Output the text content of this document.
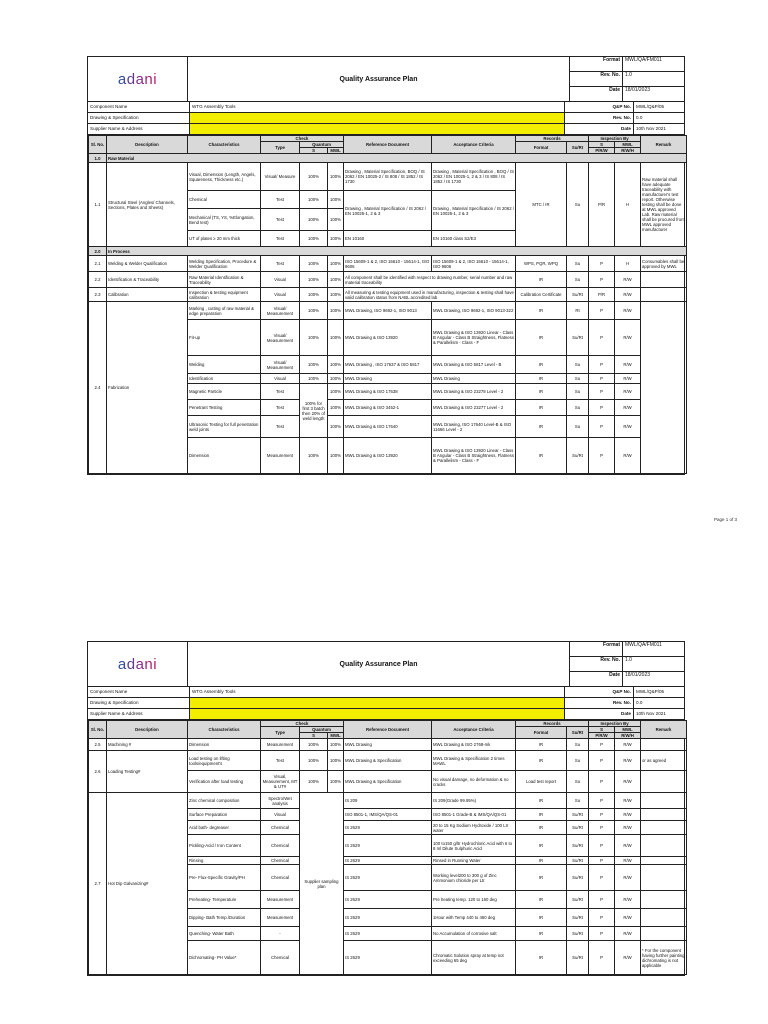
adani	Quality Assurance Plan
Format	MWL/QA/FM011
Rev. No.	1.0
Date	18/01/2023
Component Name	WTG Assembly Tools	Q&P No.	MWL/Q&P/05
Drawing & Specification	Rev. No.	0.0
Supplier Name & Address	Date	10th Nov 2021
Sl. No.	Description	Characteristics	Check			Reference Document	Acceptance Criteria	Records		Inspection By		Remark
			Type	Quantum				Format	Su/Rt	S	MWL	
				S	MWL					P/R/W	R/W/H	
1.0	Raw Material											
1.1	Structural Steel (Angles/ Channels, Sections, Plates and Sheets)	Visual, Dimension (Length, Angels, Squareness, Thickness etc.)	Visual/ Measure	100%	100%	Drawing , Material Specification, BOQ / IS 2062 / EN 10025-2 / IS 808 / IS 1852 / IS 1730	Drawing , Material Specification , BOQ / IS 2062 / EN 10025-1, 2 & 3 / IS 808 / IS 1852 / IS 1730	MTC / IR	Su	P/R	H	Raw material shall have adequate traceability with manufacturer's test report. Otherwise testing shall be done at MWL approved Lab. Raw material shall be procured from MWL approved manufacturer
		Chemical	Test	100%	100%	Drawing , Material Specification / IS 2062 / EN 10025-1, 2 & 3	Drawing , Material Specification / IS 2062 / EN 10025-1, 2 & 3					
		Mechanical (TS, YS, %Elongation, Bend test)	Test	100%	100%							
		UT of plates ≥ 20 mm thick	Test	100%	100%	EN 10160	EN 10160 class S2/E3					
2.0	In Process											
2.1	Welding & Welder Qualification	Welding Specification, Procedure & Welder Qualification	Test	100%	100%	ISO 15609-1 & 2, ISO 15610 - 15614-1, ISO 9606	ISO 15609-1 & 2, ISO 15610 - 15614-1, ISO 9606	WPS, PQR, WPQ	Su	P	H	Consumables shall be approved by MWL
2.2	Identification & Traceability	Raw Material Identification & Traceability	Visual	100%	100%	All component shall be identified with respect to drawing number, serial number and raw material traceability		IR	Su	P	R/W	
2.3	Calibration	Inspection & testing equipment calibration	Visual	100%	100%	All measuring & testing equipment used in manufacturing, inspection & testing shall have valid calibration status from NABL accredited lab		Calibration Certificate	Su/Rt	P/R	R/W	
2.4	Fabrication	Marking , cutting of raw material & edge preparation	Visual/ Measurement	100%	100%	MWL Drawing, ISO 9692-1, ISO 9013	MWL Drawing, ISO 9692-1, ISO 9013-322	IR	Rt	P	R/W	
		Fit-up	Visual/ Measurement	100%	100%	MWL Drawing & ISO 13920	MWL Drawing & ISO 13920 Linear - Class B Angular - Class B Straightness, Flatness & Parallelism - Class - F	IR	Su/Rt	P	R/W	
		Welding	Visual/ Measurement	100%	100%	MWL Drawing , ISO 17637 & ISO 5817	MWL Drawing & ISO 5817 Level - B	IR	Su	P	R/W	
		Identification	Visual	100%	100%	MWL Drawing	MWL Drawing	IR	Su	P	R/W	
		Magnetic Particle	Test	100% for first 3 batch then 20% of weld length	100%	MWL Drawing & ISO 17638	MWL Drawing & ISO 23278 Level - 2	IR	Su	P	R/W	
		Penetrant Testing	Test		100%	MWL Drawing & ISO 3452-1	MWL Drawing & ISO 23277 Level - 2	IR	Su	P	R/W	
		Ultrasonic Testing for full penetration weld joints	Test		100%	MWL Drawing & ISO 17640	MWL Drawing, ISO 17640 Level-B & ISO 11666 Level - 2	IR	Su	P	R/W	
		Dimension	Measurement	100%	100%	MWL Drawing & ISO 13920	MWL Drawing & ISO 13920 Linear - Class B Angular - Class B Straightness, Flatness & Parallelism - Class - F	IR	Su/Rt	P	R/W	
Page 1 of 3
adani	Quality Assurance Plan
Format	MWL/QA/FM011
Rev. No.	1.0
Date	18/01/2023
Component Name	WTG Assembly Tools	Q&P No.	MWL/Q&P/05
Drawing & Specification	Rev. No.	0.0
Supplier Name & Address	Date	10th Nov 2021
Sl. No.	Description	Characteristics	Check			Reference Document	Acceptance Criteria	Records		Inspection By		Remark
			Type	Quantum				Format	Su/Rt	S	MWL	
				S	MWL					P/R/W	R/W/H	
2.5	Machining #	Dimension	Measurement	100%	100%	MWL Drawing	MWL Drawing & ISO 2768-mk	IR	Su	P	R/W	
2.6	Loading Testing#	Load testing on lifting tools/equipment's	Test	100%	100%	MWL Drawing & Specification	MWL Drawing & Specification 2 times MAWL	IR	Su	P	R/W	or as agreed
		Verification after load testing	Visual, Measurement, MT & UT#	100%	100%	MWL Drawing & Specification	No visual damage, no deformation & no cracks	Load test report	Su	P	R/W	
2.7	Hot Dip Galvanizing#	Zinc chemical composition	Spectro/Wet analysis	Supplier sampling plan		IS 209	IS 209(Grade 99.95%)	IR	Su	P	R/W	
		Surface Preparation	Visual			ISO 8501-1, IMS/QA/QS-01	ISO 8501-1 Grade-B & IMS/QA/QS-01	IR	Su/Rt	P	R/W	
		Acid bath- degreaser	Chemical			IS 2629	20 to 15 Kg Sodium Hydroxide / 100 Ltr water	IR	Su/Rt	P	R/W	
		Pickling-Acid / Iron Content	Chemical			IS 2629	100 to150 g/ltr Hydrochloric Acid with 6 to 8 ml Dilute Sulphuric Acid	IR	Su/Rt	P	R/W	
		Rinsing	Chemical			IS 2629	Rinsed in Running Water	IR	Su/Rt	P	R/W	
		Pre- Flux-Specific Gravity/PH	Chemical			IS 2629	Working level200 to 300 g of Zinc Ammonium chloride per Ltr	IR	Su/Rt	P	R/W	
		Preheating- Temperature	Measurement			IS 2629	Pre heating temp. 120 to 160 deg	IR	Su/Rt	P	R/W	
		Dipping- Bath Temp./Duration	Measurement			IS 2629	1Hour with Temp 440 to 460 deg	IR	Su/Rt	P	R/W	
		Quenching- Water Bath	-			IS 2629	No Accumulation of corrosive salt	IR	Su/Rt	P	R/W	
		Dichromating- PH Value*	Chemical			IS 2629	Chromatic Solution spray at temp not exceeding 65 deg	IR	Su/Rt	P	R/W	* For the component having further painting dichromating is not applicable
